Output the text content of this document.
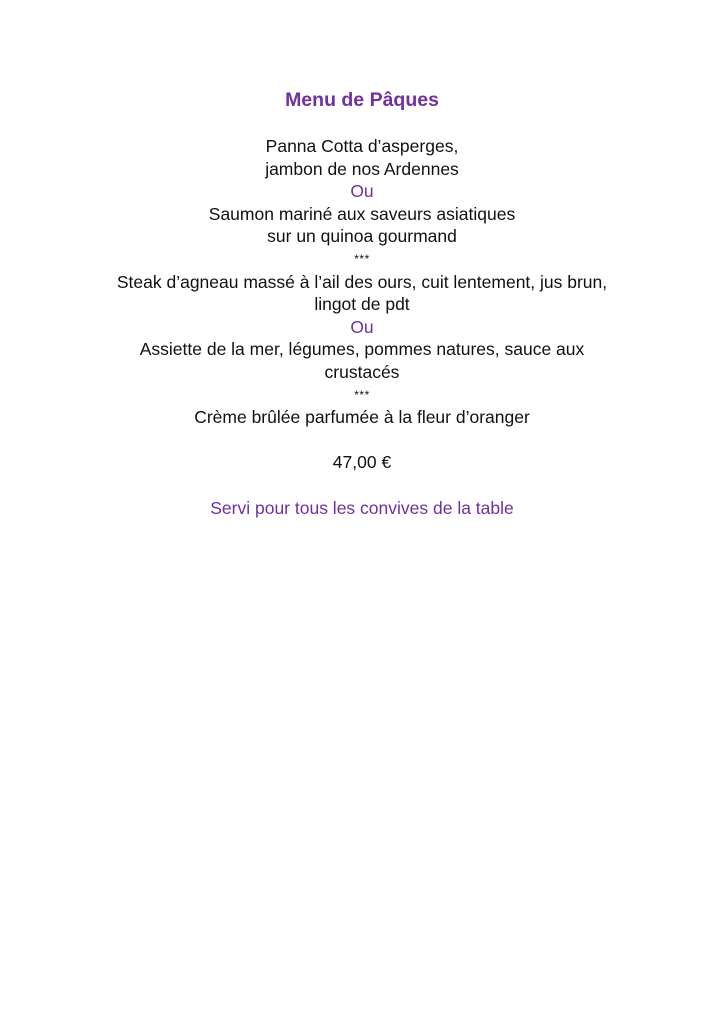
Menu de Pâques
Panna Cotta d’asperges,
jambon de nos Ardennes
Ou
Saumon mariné aux saveurs asiatiques
sur un quinoa gourmand
***
Steak d’agneau massé à l’ail des ours, cuit lentement, jus brun,
lingot de pdt
Ou
Assiette de la mer, légumes, pommes natures, sauce aux
crustacés
***
Crème brûlée parfumée à la fleur d’oranger
47,00 €
Servi pour tous les convives de la table
